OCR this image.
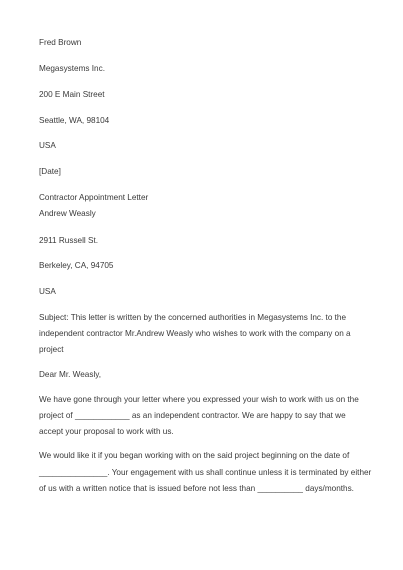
Fred Brown
Megasystems Inc.
200 E Main Street
Seattle, WA, 98104
USA
[Date]
Contractor Appointment Letter
Andrew Weasly
2911 Russell St.
Berkeley, CA, 94705
USA
Subject: This letter is written by the concerned authorities in Megasystems Inc. to the
independent contractor Mr.Andrew Weasly who wishes to work with the company on a
project
Dear Mr. Weasly,
We have gone through your letter where you expressed your wish to work with us on the
project of ____________ as an independent contractor. We are happy to say that we
accept your proposal to work with us.
We would like it if you began working with on the said project beginning on the date of
_______________. Your engagement with us shall continue unless it is terminated by either
of us with a written notice that is issued before not less than __________ days/months.
